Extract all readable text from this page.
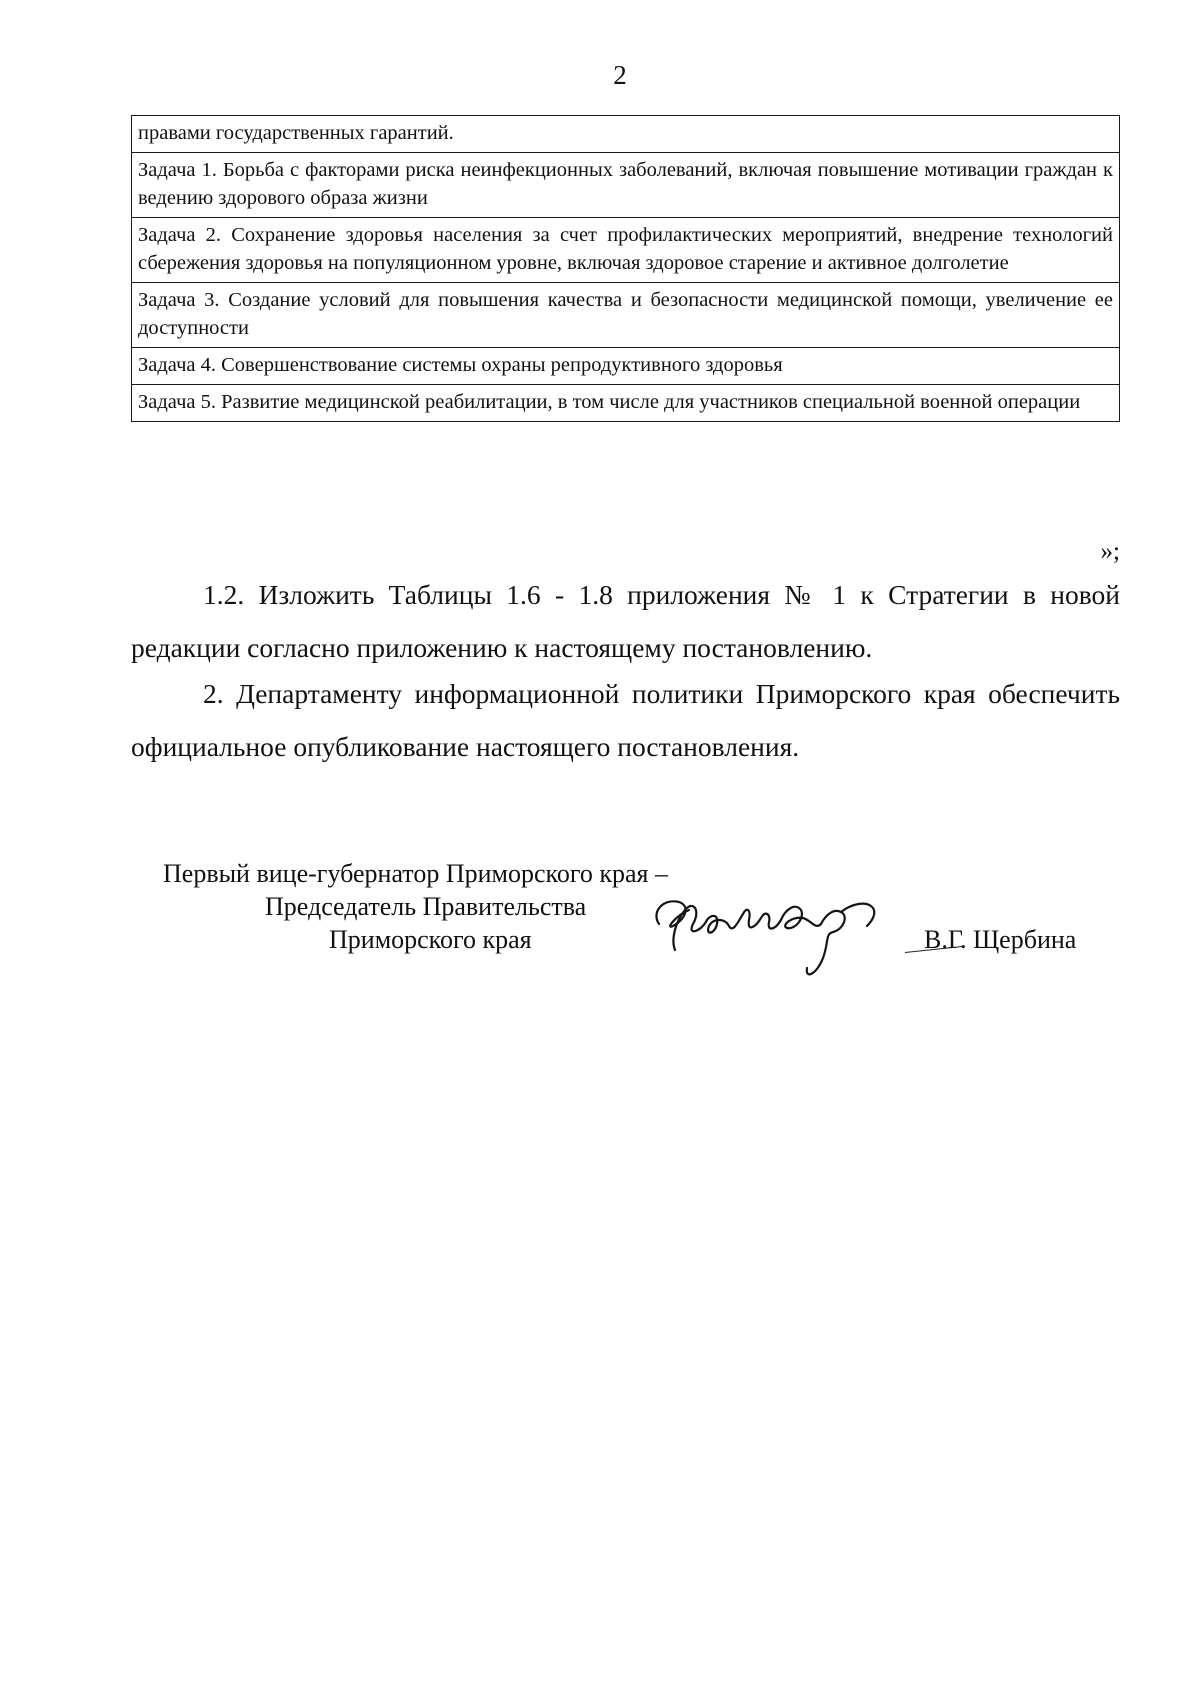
2
правами государственных гарантий.
Задача 1. Борьба с факторами риска неинфекционных заболеваний, включая повышение мотивации граждан к ведению здорового образа жизни
Задача 2. Сохранение здоровья населения за счет профилактических мероприятий, внедрение технологий сбережения здоровья на популяционном уровне, включая здоровое старение и активное долголетие
Задача 3. Создание условий для повышения качества и безопасности медицинской помощи, увеличение ее доступности
Задача 4. Совершенствование системы охраны репродуктивного здоровья
Задача 5. Развитие медицинской реабилитации, в том числе для участников специальной военной операции
»;

1.2. Изложить Таблицы 1.6 - 1.8 приложения № 1 к Стратегии в новой редакции согласно приложению к настоящему постановлению.

2. Департаменту информационной политики Приморского края обеспечить официальное опубликование настоящего постановления.

Первый вице-губернатор Приморского края –
Председатель Правительства
Приморского края	В.Г. Щербина
